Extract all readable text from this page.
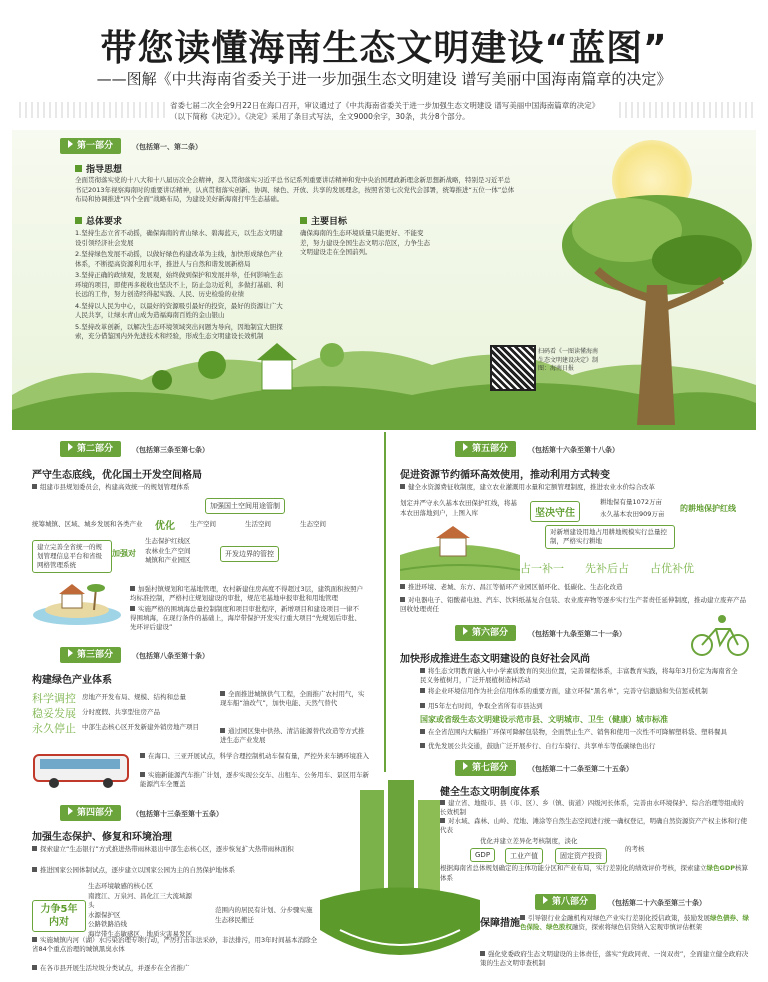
带您读懂海南生态文明建设“蓝图”
——图解《中共海南省委关于进一步加强生态文明建设 谱写美丽中国海南篇章的决定》
省委七届二次全会9月22日在海口召开，审议通过了《中共海南省委关于进一步加强生态文明建设 谱写美丽中国海南篇章的决定》（以下简称《决定》）。《决定》采用了条目式写法，全文9000余字，30条，共分8个部分。
第一部分	（包括第一、第二条）
指导思想
全面贯彻落实党的十八大和十八届历次全会精神，深入贯彻落实习近平总书记系列重要讲话精神和党中央治国理政新理念新思想新战略，特别是习近平总书记2013年视察海南时的重要讲话精神，认真贯彻落实创新、协调、绿色、开放、共享的发展理念，按照省第七次党代会部署，统筹推进“五位一体”总体布局和协调推进“四个全面”战略布局，为建设美好新海南打牢生态基础。
总体要求
1.坚持生态立省不动摇，确保海南的青山绿水、碧海蓝天，以生态文明建设引领经济社会发展
2.坚持绿色发展不动摇，以做好绿色构建改革为主线，加快形成绿色产业体系，不断提高资源利用水平，推进人与自然和谐发展新格局
3.坚持正确的政绩观，发展观，始终做到保护和发展并举，任何影响生态环境的项目，即使再多税收也坚决不上，防止急功近利，多做打基础、利长远的工作，努力创造经得起实践、人民、历史检验的业绩
4.坚持以人民为中心，以最好的资源吸引最好的投资，最好的资源让广大人民共享，让绿水青山成为造福海南百姓的金山银山
5.坚持改革创新，以解决生态环境领域突出问题为导向，因地制宜大胆探索，充分借鉴国内外先进技术和经验，形成生态文明建设长效机制
主要目标
确保海南的生态环境质量只能更好、不能变差，努力建设全国生态文明示范区，力争生态文明建设走在全国前列。
扫码看《一图读懂海南生态文明建设决定》制图：海南日报
第二部分	（包括第三条至第七条）
严守生态底线，优化国土开发空间格局
组建市县规划委员会，构建高效统一的规划管理体系
加强国土空间用途管制
统筹城镇、区域、城乡发展和各类产业	优化 生产空间	生活空间	生态空间
建立完善全省统一的规划管理信息平台和省级网格管理系统
加强对
生态保护红线区
农林业生产空间
城镇和产业园区
开发边界的管控
加强村镇规划和宅基地管理，农村新建住房高度不得超过3层，建筑面积按照户均标准控制，严格村庄规划建设的审批，规范宅基地申报审批和用地管理
实施严格的围填海总量控制制度和项目审批程序，新增项目和建设项目一律不得围填海，在现行条件的基础上，海岸带保护开发实行重大项目“先规划后审批、先环评后建设”
第三部分	（包括第八条至第十条）
构建绿色产业体系
科学调控 房地产开发布局、规模、结构和总量
稳妥发展 分时度假、共享型住房产品
永久停止 中部生态核心区开发新建外销房地产项目
全面推进城镇供气工程，全面推广农村用气，实现车船“油改气”，加快电能、天然气替代
通过园区集中供热、清洁能源替代改造等方式推进生态产业发展
在海口、三亚开展试点，科学合理控制机动车保有量，严控外来车辆环境准入
实施新能源汽车推广计划，逐步实现公交车、出租车、公务用车、景区用车新能源汽车全覆盖
第四部分	（包括第十三条至第十五条）
加强生态保护、修复和环境治理
探索建立“生态银行”方式推进热带雨林退出中部生态核心区，逐步恢复扩大热带雨林面积
推进国家公园体制试点，逐步建立以国家公园为主的自然保护地体系
力争5年内对
生态环境敏感的核心区
南渡江、万泉河、昌化江三大流域源头
水源保护区
公路铁路沿线
海岸带生态敏感区、地质灾害易发区
范围内的居民有计划、分步骤实施生态移民搬迁
实施城镇内河（湖）水污染治理专项行动，严厉打击非法采砂，非法排污，用3年时间基本消除全省84个重点治理的城镇黑臭水体
在各市县开展生活垃圾分类试点，并逐步在全省推广
第五部分	（包括第十六条至第十八条）
促进资源节约循环高效使用，推动利用方式转变
健全水资源费征收制度，建立农业灌溉用水量和定额管理制度，推进农业水价综合改革
划定并严守永久基本农田保护红线，将基本农田落地到户，上图入库	坚决守住
耕地保有量1072万亩
永久基本农田909万亩
的耕地保护红线
对新增建设用地占用耕地规模实行总量控制，严格实行耕地
占一补一 先补后占 占优补优
推进环境、老城、东方、昌江等循环产业园区循环化、低碳化、生态化改造
对电器电子、铅酸蓄电池、汽车、饮料纸基复合包装、农业废弃物等逐步实行生产者责任延伸制度，推动建立废弃产品回收处理责任
第六部分	（包括第十九条至第二十一条）
加快形成推进生态文明建设的良好社会风尚
将生态文明教育融入中小学素质教育的突出位置，完善课程体系，丰富教育实践，将每年3月份定为海南省全民义务植树月，广泛开展植树造林活动
将企业环境信用作为社会信用体系的重要方面，建立环保“黑名单”，完善守信激励和失信惩戒机制
用5年左右时间，争取全省所有市县达到
国家或省级生态文明建设示范市县、文明城市、卫生（健康）城市标准
在全省范围内大幅推广环保可降解包装物，全面禁止生产、销售和使用一次性不可降解塑料袋、塑料餐具
优先发展公共交通，鼓励广泛开展步行、自行车骑行、共享单车等低碳绿色出行
第七部分	（包括第二十二条至第二十五条）
健全生态文明制度体系
建立省、地级市、县（市、区）、乡（镇、街道）四级河长体系，完善由水环境保护、综合治理等组成的长效机制
对水域、森林、山岭、荒地、滩涂等自然生态空间进行统一确权登记，明确自然资源资产产权主体和行使代表
优化并建立差异化考核制度，淡化
GDP	工业产值	固定资产投资
的考核
根据海南省总体规划确定的主体功能分区和产业布局，实行差别化的绩效评价考核，探索建立绿色GDP核算体系
第八部分	（包括第二十六条至第三十条）
保障措施	引导银行业金融机构对绿色产业实行差别化授信政策，鼓励发展绿色债券、绿色保险、绿色股权融资，探索将绿色信贷纳入宏观审慎评估框架
强化党委政府生态文明建设的主体责任，落实“党政同责、一岗双责”，全面建立健全政府决策的生态文明审查机制
